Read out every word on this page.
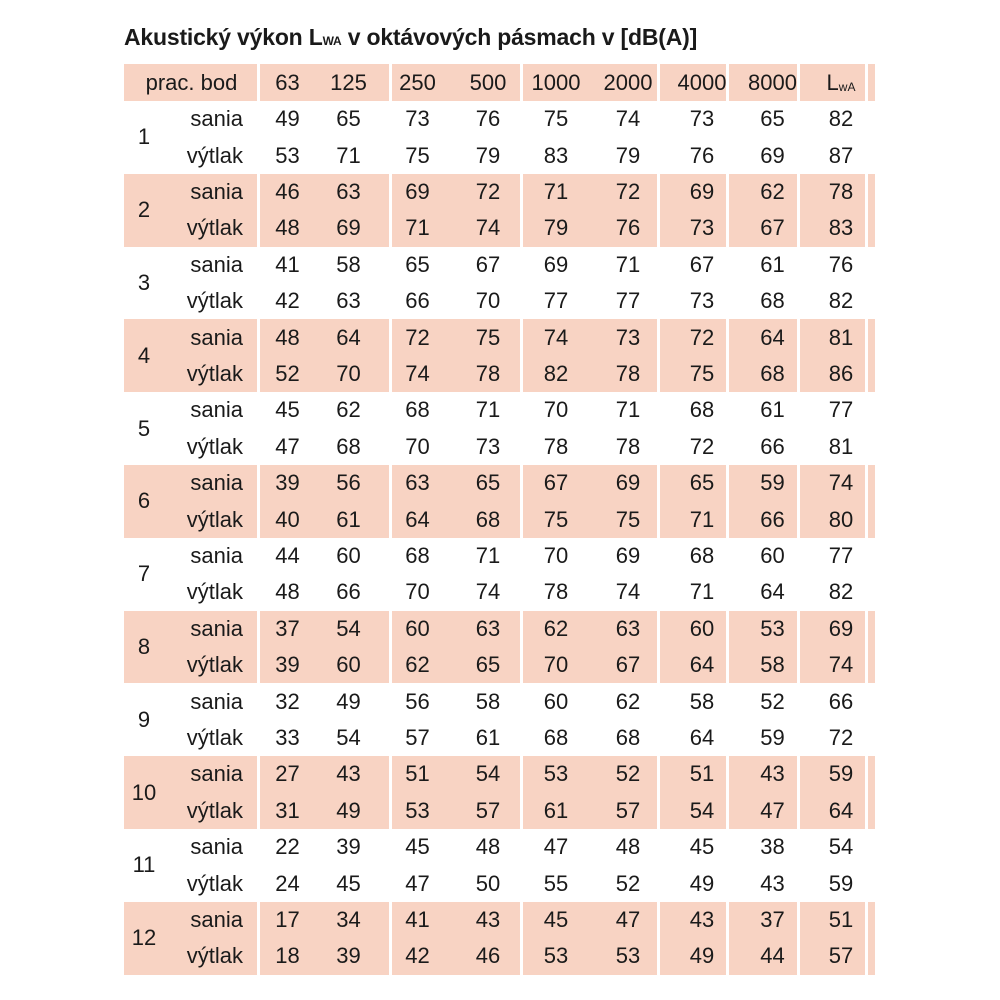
Akustický výkon LWA v oktávových pásmach v [dB(A)]
prac. bod	63	125	250	500	1000	2000	4000 8000	L wA
1
sania	49	65	73	76	75	74	73	65	82
výtlak	53	71	75	79	83	79	76	69	87
2
sania	46	63	69	72	71	72	69	62	78
výtlak	48	69	71	74	79	76	73	67	83
3
sania	41	58	65	67	69	71	67	61	76
výtlak	42	63	66	70	77	77	73	68	82
4
sania	48	64	72	75	74	73	72	64	81
výtlak	52	70	74	78	82	78	75	68	86
5
sania	45	62	68	71	70	71	68	61	77
výtlak	47	68	70	73	78	78	72	66	81
6
sania	39	56	63	65	67	69	65	59	74
výtlak	40	61	64	68	75	75	71	66	80
7
sania	44	60	68	71	70	69	68	60	77
výtlak	48	66	70	74	78	74	71	64	82
8
sania	37	54	60	63	62	63	60	53	69
výtlak	39	60	62	65	70	67	64	58	74
9
sania	32	49	56	58	60	62	58	52	66
výtlak	33	54	57	61	68	68	64	59	72
10
sania	27	43	51	54	53	52	51	43	59
výtlak	31	49	53	57	61	57	54	47	64
11
sania	22	39	45	48	47	48	45	38	54
výtlak	24	45	47	50	55	52	49	43	59
12
sania	17	34	41	43	45	47	43	37	51
výtlak	18	39	42	46	53	53	49	44	57
